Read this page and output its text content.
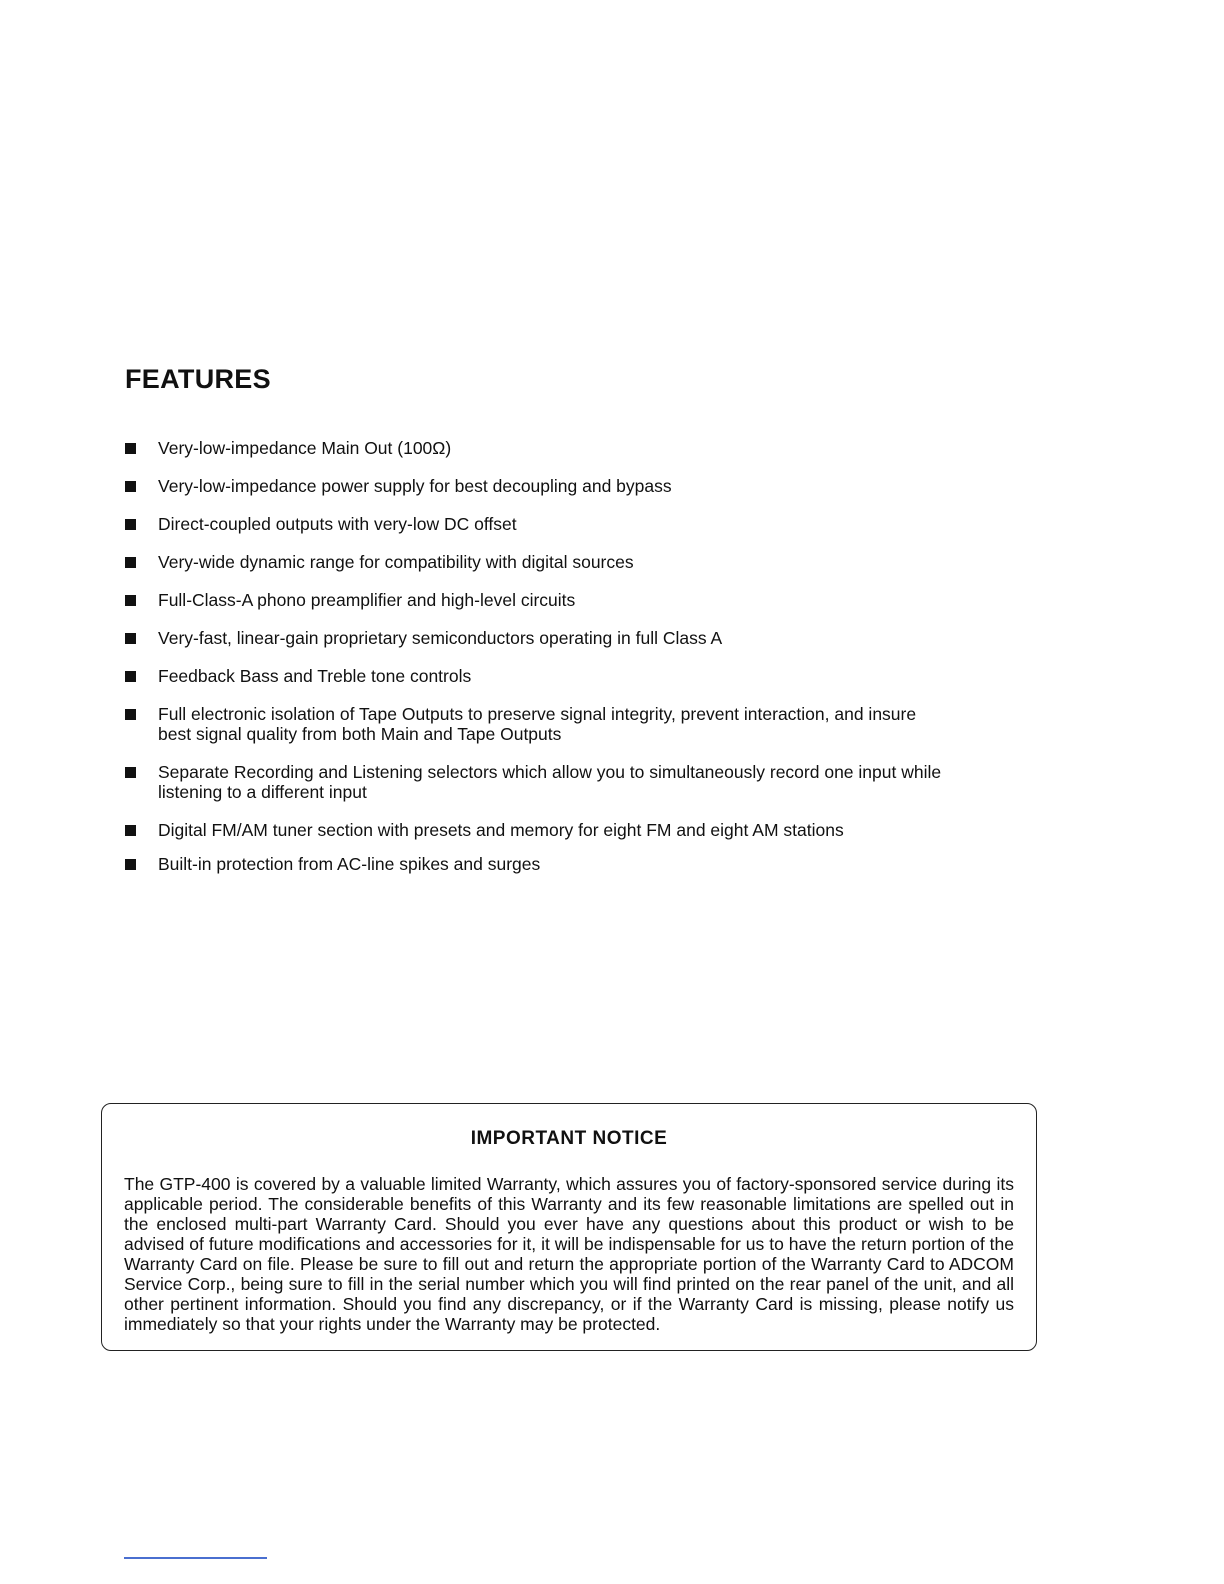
FEATURES
Very-low-impedance Main Out (100Ω)
Very-low-impedance power supply for best decoupling and bypass
Direct-coupled outputs with very-low DC offset
Very-wide dynamic range for compatibility with digital sources
Full-Class-A phono preamplifier and high-level circuits
Very-fast, linear-gain proprietary semiconductors operating in full Class A
Feedback Bass and Treble tone controls
Full electronic isolation of Tape Outputs to preserve signal integrity, prevent interaction, and insure best signal quality from both Main and Tape Outputs
Separate Recording and Listening selectors which allow you to simultaneously record one input while listening to a different input
Digital FM/AM tuner section with presets and memory for eight FM and eight AM stations
Built-in protection from AC-line spikes and surges
IMPORTANT NOTICE

The GTP-400 is covered by a valuable limited Warranty, which assures you of factory-sponsored service during its applicable period. The considerable benefits of this Warranty and its few reasonable limitations are spelled out in the enclosed multi-part Warranty Card. Should you ever have any questions about this product or wish to be advised of future modifications and accessories for it, it will be indispensable for us to have the return portion of the Warranty Card on file. Please be sure to fill out and return the appropriate portion of the Warranty Card to ADCOM Service Corp., being sure to fill in the serial number which you will find printed on the rear panel of the unit, and all other pertinent information. Should you find any discrepancy, or if the Warranty Card is missing, please notify us immediately so that your rights under the Warranty may be protected.
